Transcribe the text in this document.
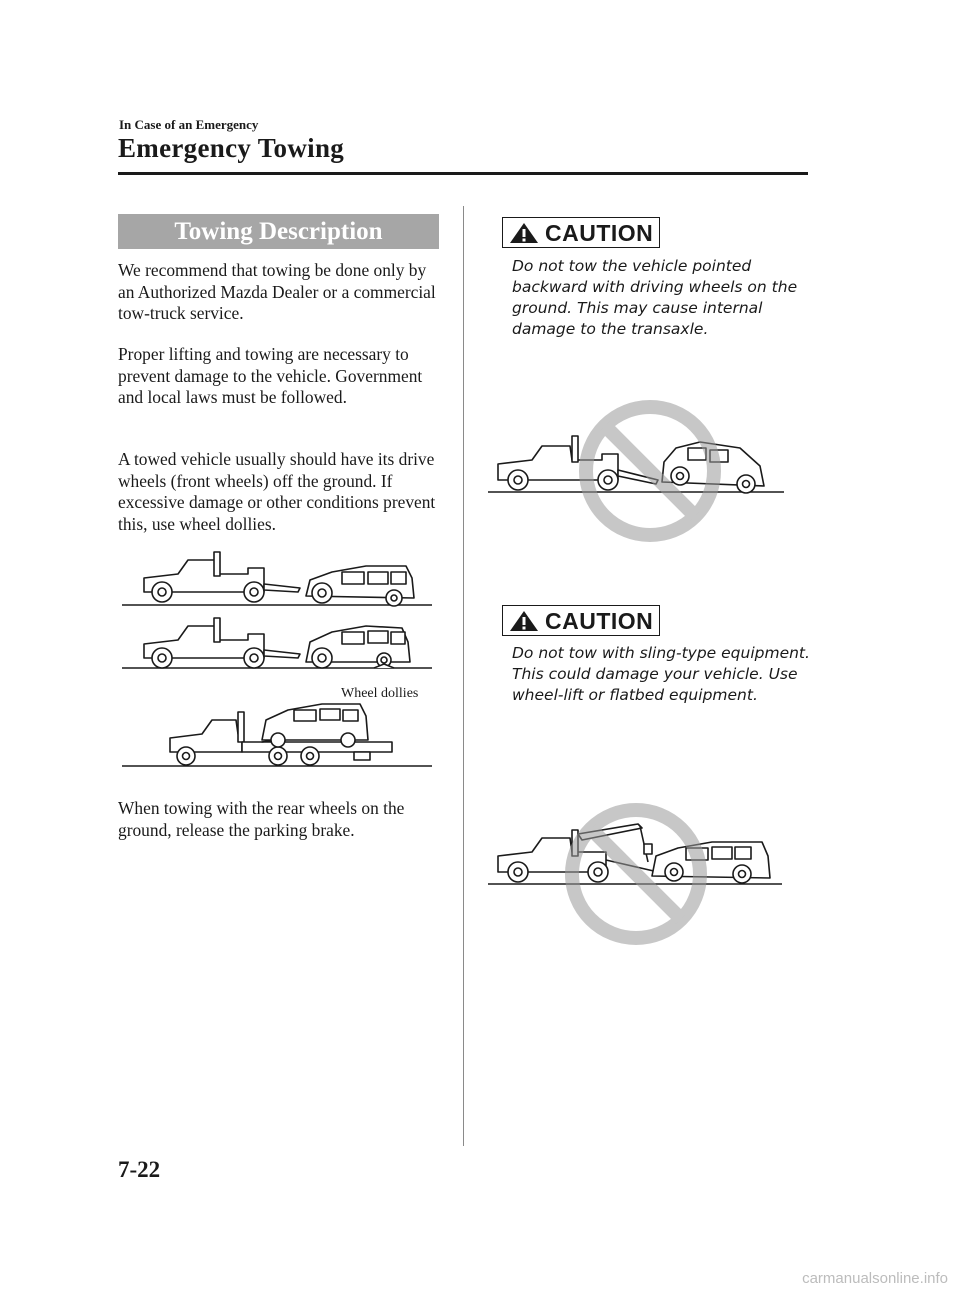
In Case of an Emergency
Emergency Towing
Towing Description
We recommend that towing be done only by an Authorized Mazda Dealer or a commercial tow-truck service.
Proper lifting and towing are necessary to prevent damage to the vehicle. Government and local laws must be followed.
A towed vehicle usually should have its drive wheels (front wheels) off the ground. If excessive damage or other conditions prevent this, use wheel dollies.
Wheel dollies
When towing with the rear wheels on the ground, release the parking brake.
CAUTION
Do not tow the vehicle pointed backward with driving wheels on the ground. This may cause internal damage to the transaxle.
CAUTION
Do not tow with sling-type equipment. This could damage your vehicle. Use wheel-lift or flatbed equipment.
7-22
carmanualsonline.info
